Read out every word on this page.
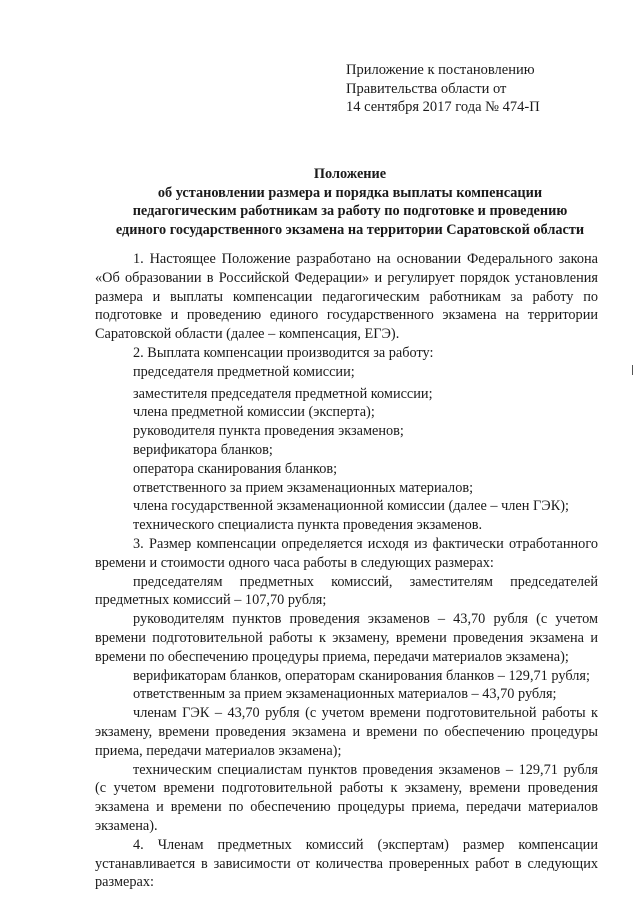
Приложение к постановлению
Правительства области от
14 сентября 2017 года № 474-П
Положение
об установлении размера и порядка выплаты компенсации
педагогическим работникам за работу по подготовке и проведению
единого государственного экзамена на территории Саратовской области

1. Настоящее Положение разработано на основании Федерального закона «Об образовании в Российской Федерации» и регулирует порядок установления размера и выплаты компенсации педагогическим работникам за работу по подготовке и проведению единого государственного экзамена на территории Саратовской области (далее – компенсация, ЕГЭ).

2. Выплата компенсации производится за работу:

председателя предметной комиссии;

заместителя председателя предметной комиссии;

члена предметной комиссии (эксперта);

руководителя пункта проведения экзаменов;

верификатора бланков;

оператора сканирования бланков;

ответственного за прием экзаменационных материалов;

члена государственной экзаменационной комиссии (далее – член ГЭК);

технического специалиста пункта проведения экзаменов.

3. Размер компенсации определяется исходя из фактически отработанного времени и стоимости одного часа работы в следующих размерах:

председателям предметных комиссий, заместителям председателей предметных комиссий – 107,70 рубля;

руководителям пунктов проведения экзаменов – 43,70 рубля (с учетом времени подготовительной работы к экзамену, времени проведения экзамена и времени по обеспечению процедуры приема, передачи материалов экзамена);

верификаторам бланков, операторам сканирования бланков – 129,71 рубля;

ответственным за прием экзаменационных материалов – 43,70 рубля;

членам ГЭК – 43,70 рубля (с учетом времени подготовительной работы к экзамену, времени проведения экзамена и времени по обеспечению процедуры приема, передачи материалов экзамена);

техническим специалистам пунктов проведения экзаменов – 129,71 рубля (с учетом времени подготовительной работы к экзамену, времени проведения экзамена и времени по обеспечению процедуры приема, передачи материалов экзамена).

4. Членам предметных комиссий (экспертам) размер компенсации устанавливается в зависимости от количества проверенных работ в следующих размерах:
